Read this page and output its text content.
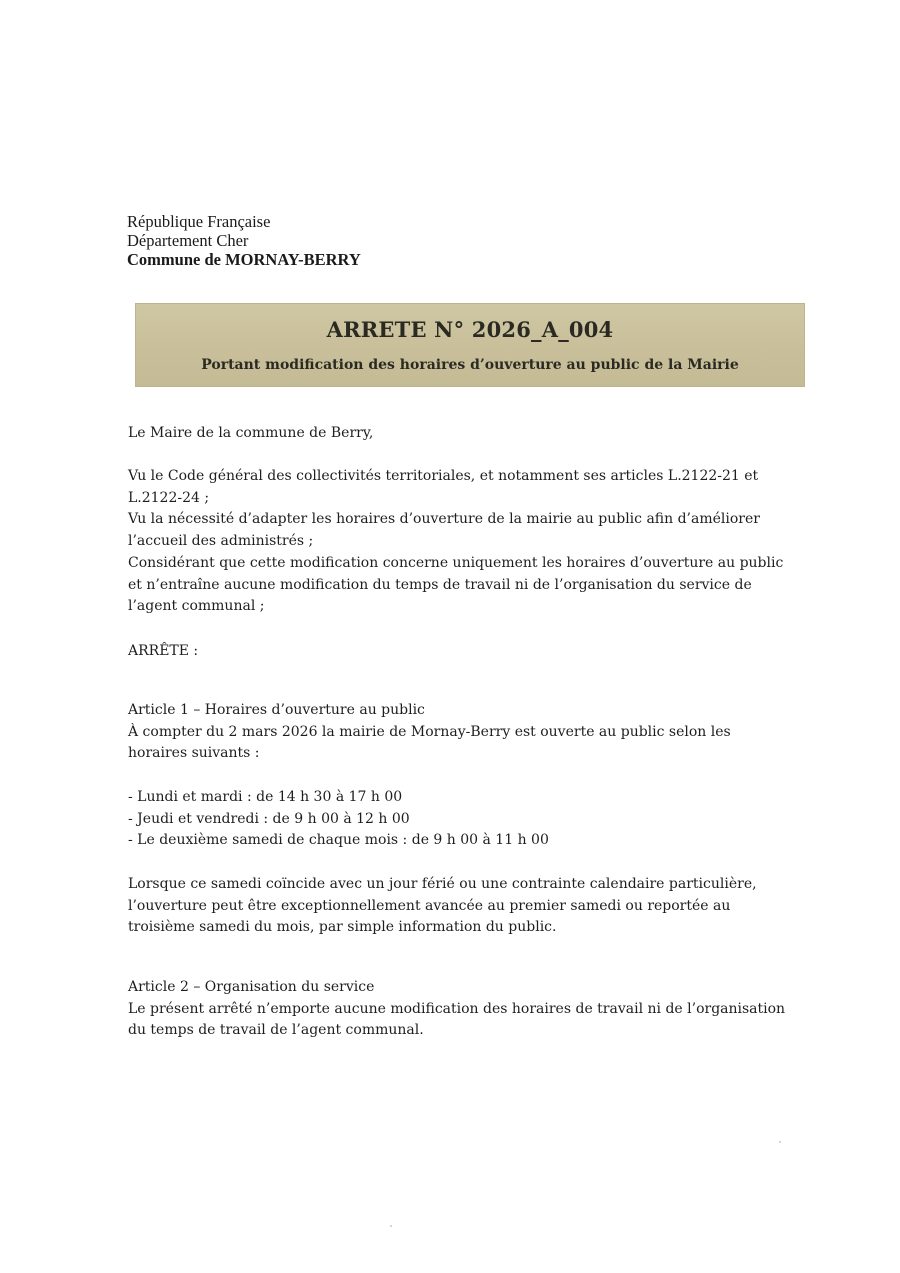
République Française
Département Cher
Commune de MORNAY-BERRY
ARRETE N° 2026_A_004
Portant modification des horaires d’ouverture au public de la Mairie
Le Maire de la commune de Berry,
Vu le Code général des collectivités territoriales, et notamment ses articles L.2122-21 et
L.2122-24 ;
Vu la nécessité d’adapter les horaires d’ouverture de la mairie au public afin d’améliorer
l’accueil des administrés ;
Considérant que cette modification concerne uniquement les horaires d’ouverture au public
et n’entraîne aucune modification du temps de travail ni de l’organisation du service de
l’agent communal ;
ARRÊTE :
Article 1 – Horaires d’ouverture au public
À compter du 2 mars 2026 la mairie de Mornay-Berry est ouverte au public selon les
horaires suivants :
- Lundi et mardi : de 14 h 30 à 17 h 00
- Jeudi et vendredi : de 9 h 00 à 12 h 00
- Le deuxième samedi de chaque mois : de 9 h 00 à 11 h 00
Lorsque ce samedi coïncide avec un jour férié ou une contrainte calendaire particulière,
l’ouverture peut être exceptionnellement avancée au premier samedi ou reportée au
troisième samedi du mois, par simple information du public.
Article 2 – Organisation du service
Le présent arrêté n’emporte aucune modification des horaires de travail ni de l’organisation
du temps de travail de l’agent communal.
